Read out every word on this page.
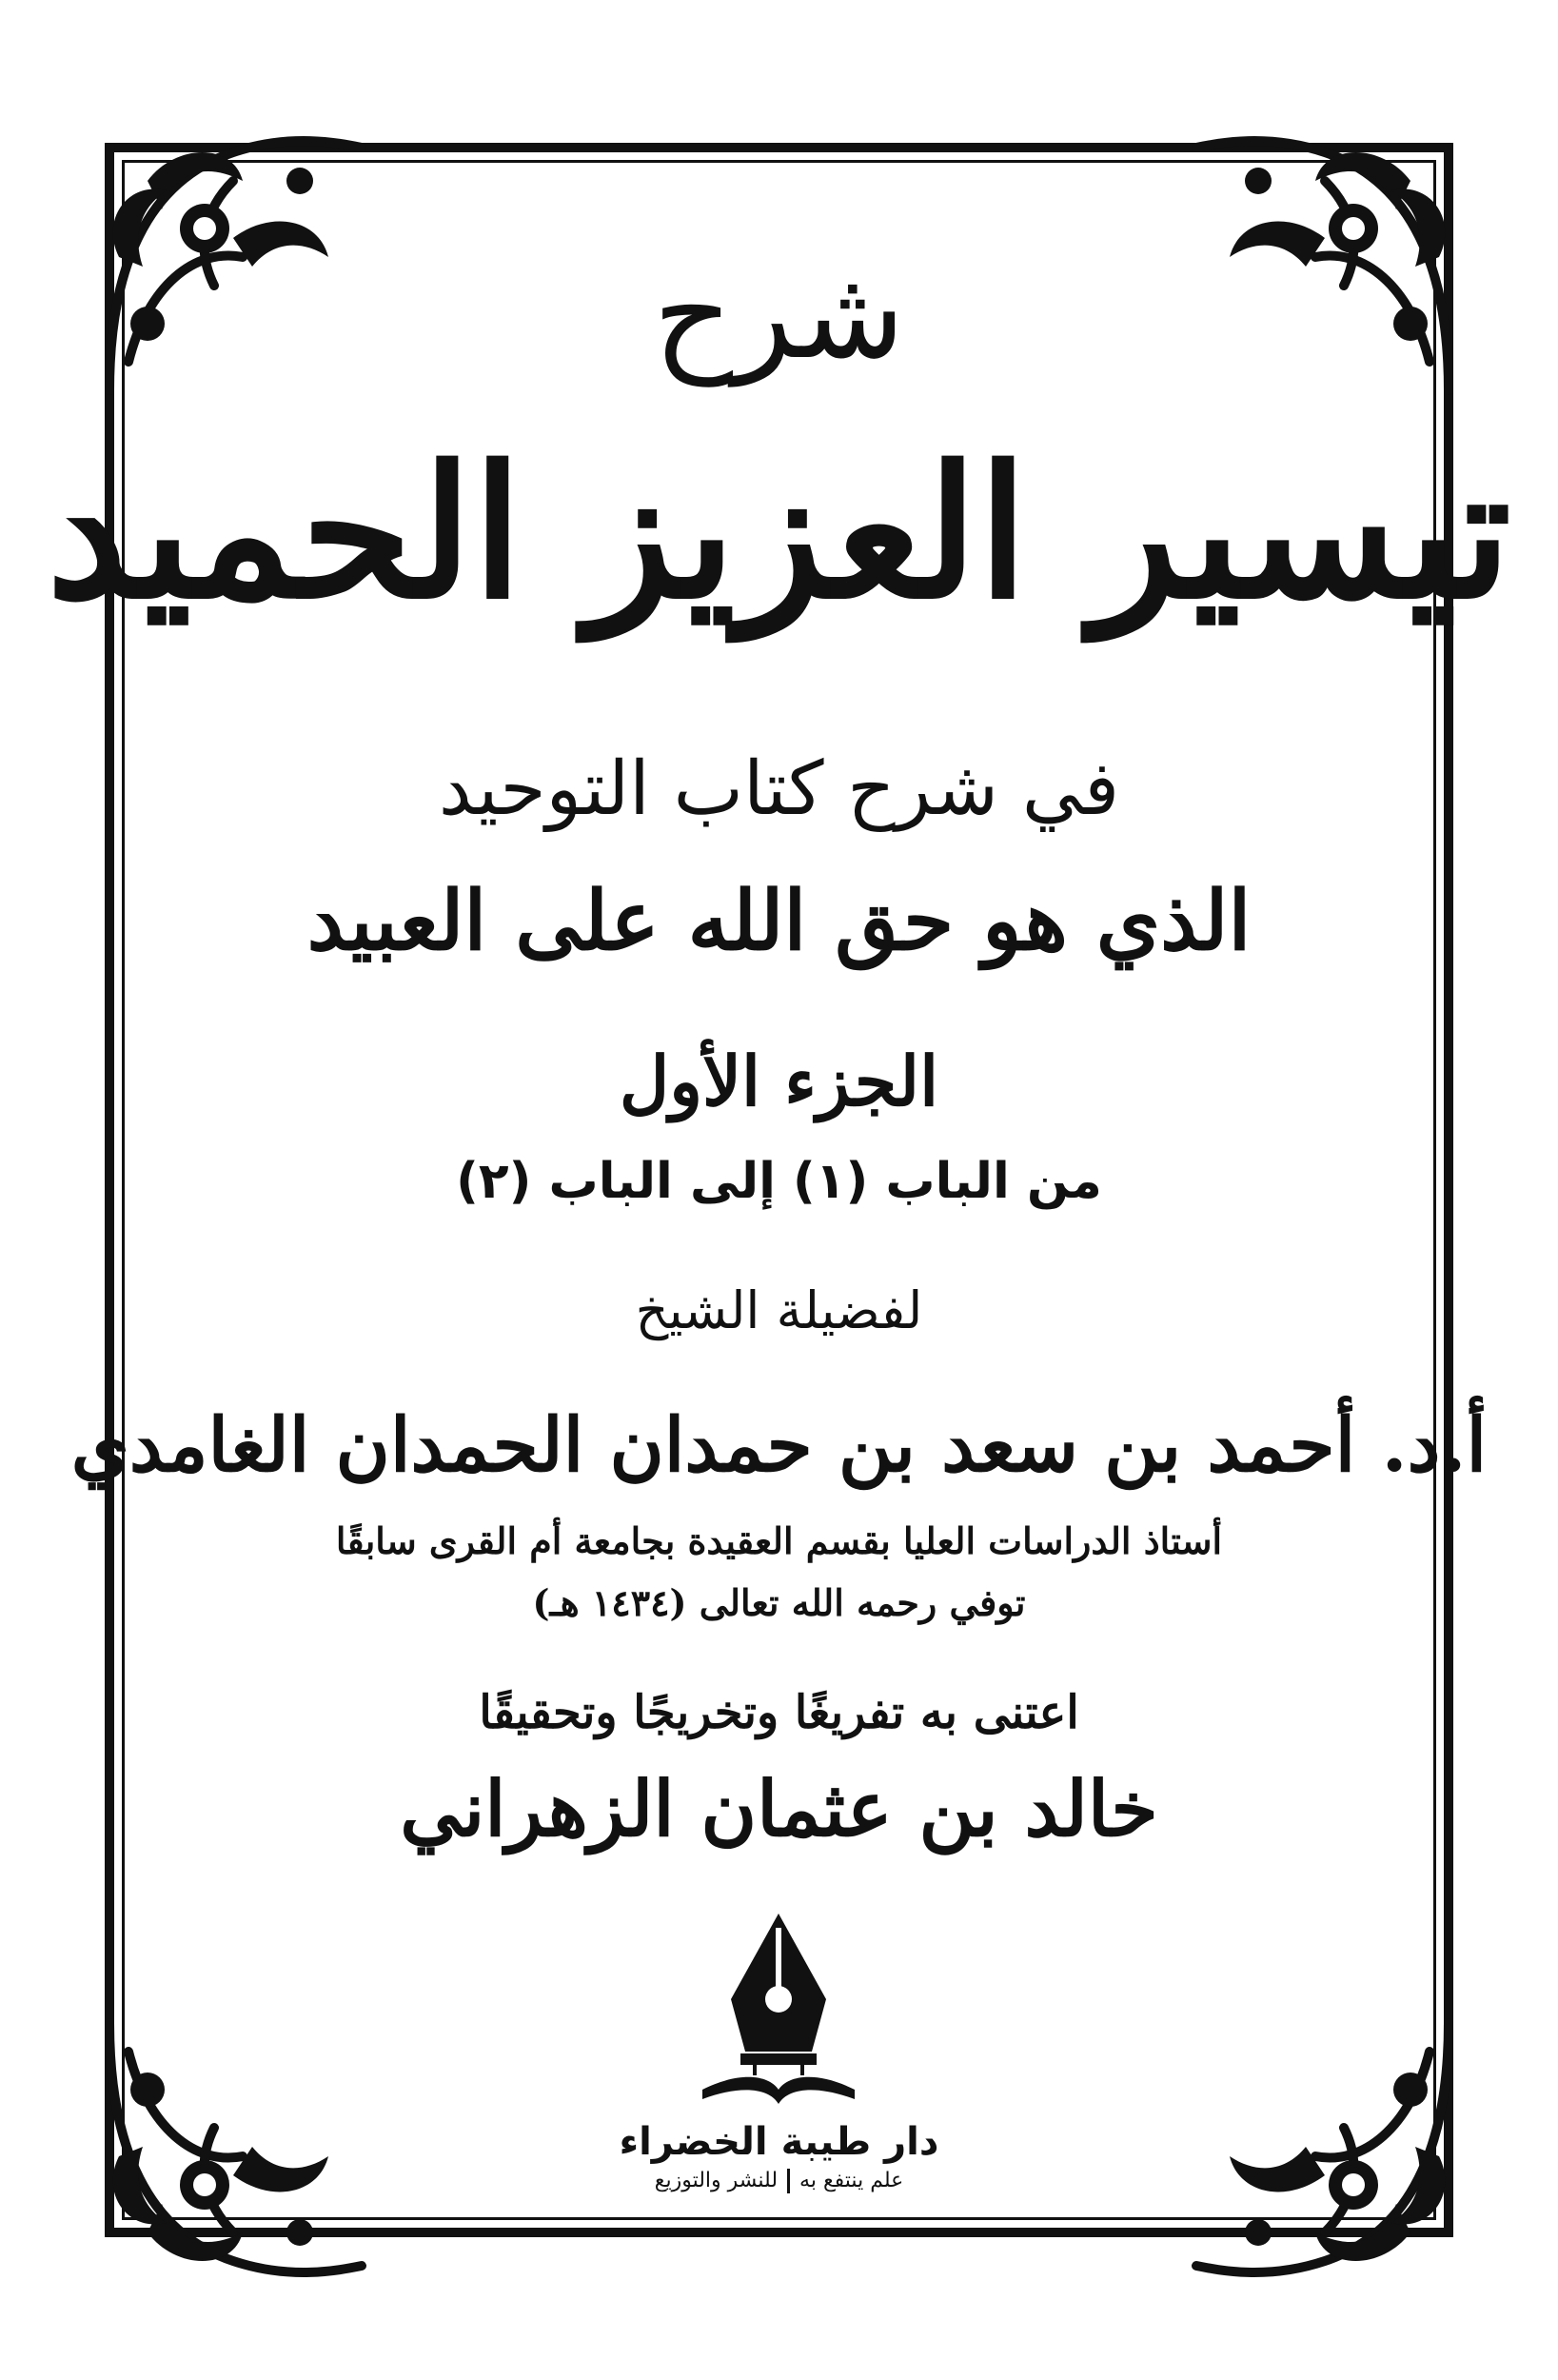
شرح
تيسير العزيز الحميد
في شرح كتاب التوحيد
الذي هو حق الله على العبيد
الجزء الأول
من الباب (١) إلى الباب (٢)
لفضيلة الشيخ
أ.د. أحمد بن سعد بن حمدان الحمدان الغامدي
أستاذ الدراسات العليا بقسم العقيدة بجامعة أم القرى سابقًا
توفي رحمه الله تعالى (١٤٣٤ هـ)
اعتنى به تفريغًا وتخريجًا وتحقيقًا
خالد بن عثمان الزهراني
دار طيبة الخضراء
علم ينتفع بهللنشر والتوزيع
